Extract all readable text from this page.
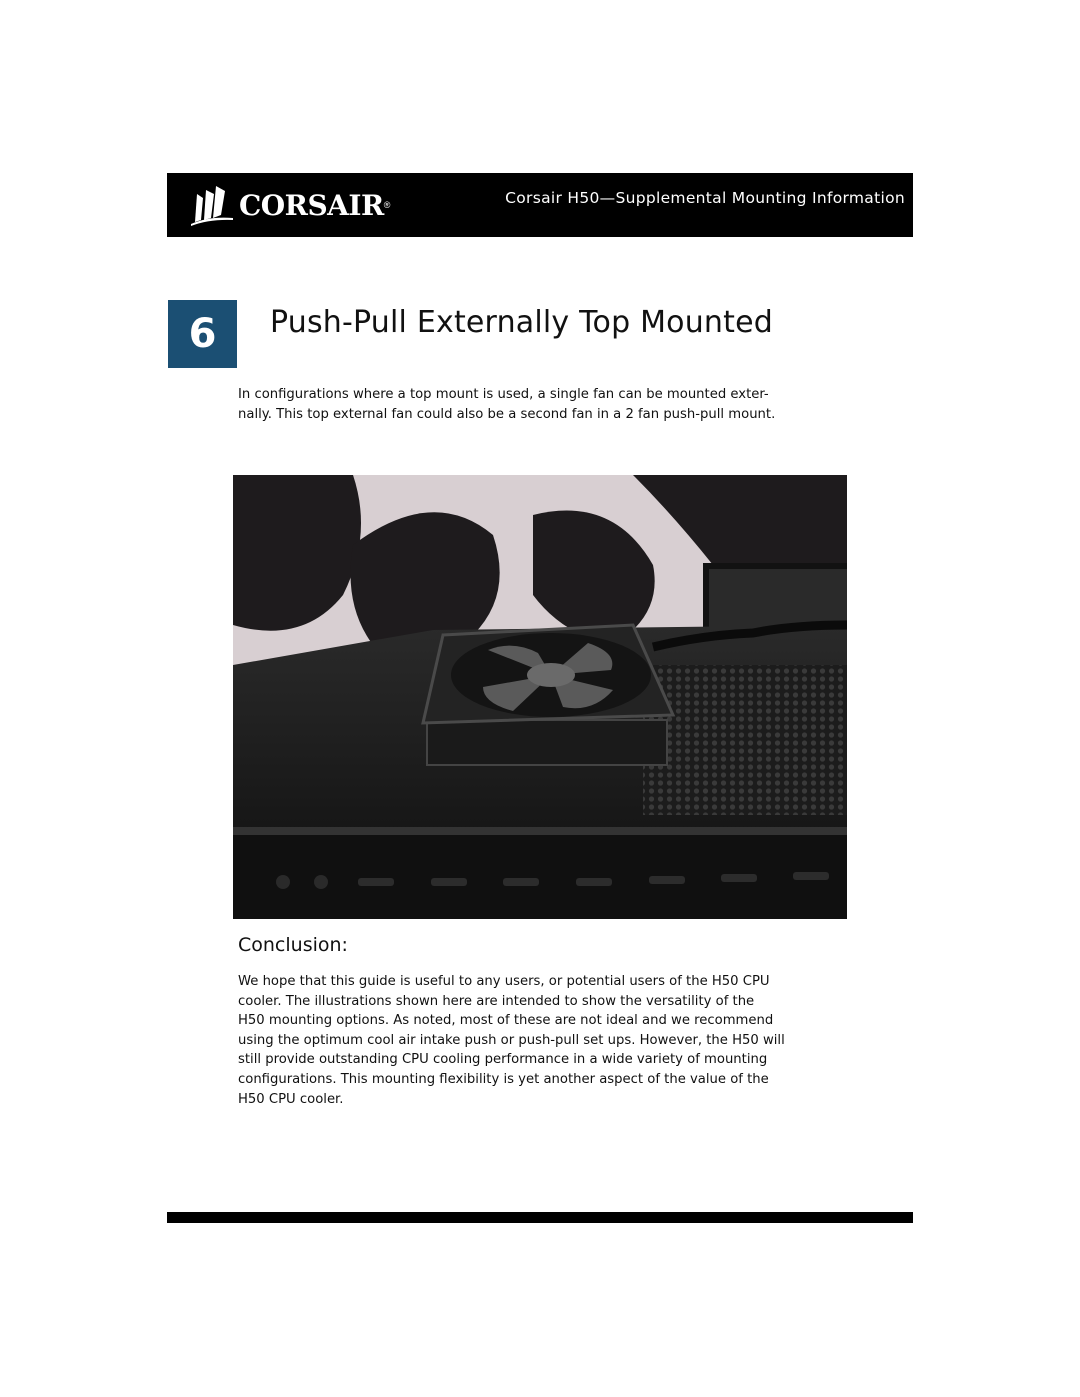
CORSAIR ®	Corsair H50—Supplemental Mounting Information
6	Push-Pull Externally Top Mounted
In configurations where a top mount is used, a single fan can be mounted exter-
nally. This top external fan could also be a second fan in a 2 fan push-pull mount.
Conclusion:
We hope that this guide is useful to any users, or potential users of the H50 CPU
cooler. The illustrations shown here are intended to show the versatility of the
H50 mounting options. As noted, most of these are not ideal and we recommend
using the optimum cool air intake push or push-pull set ups. However, the H50 will
still provide outstanding CPU cooling performance in a wide variety of mounting
configurations. This mounting flexibility is yet another aspect of the value of the
H50 CPU cooler.
